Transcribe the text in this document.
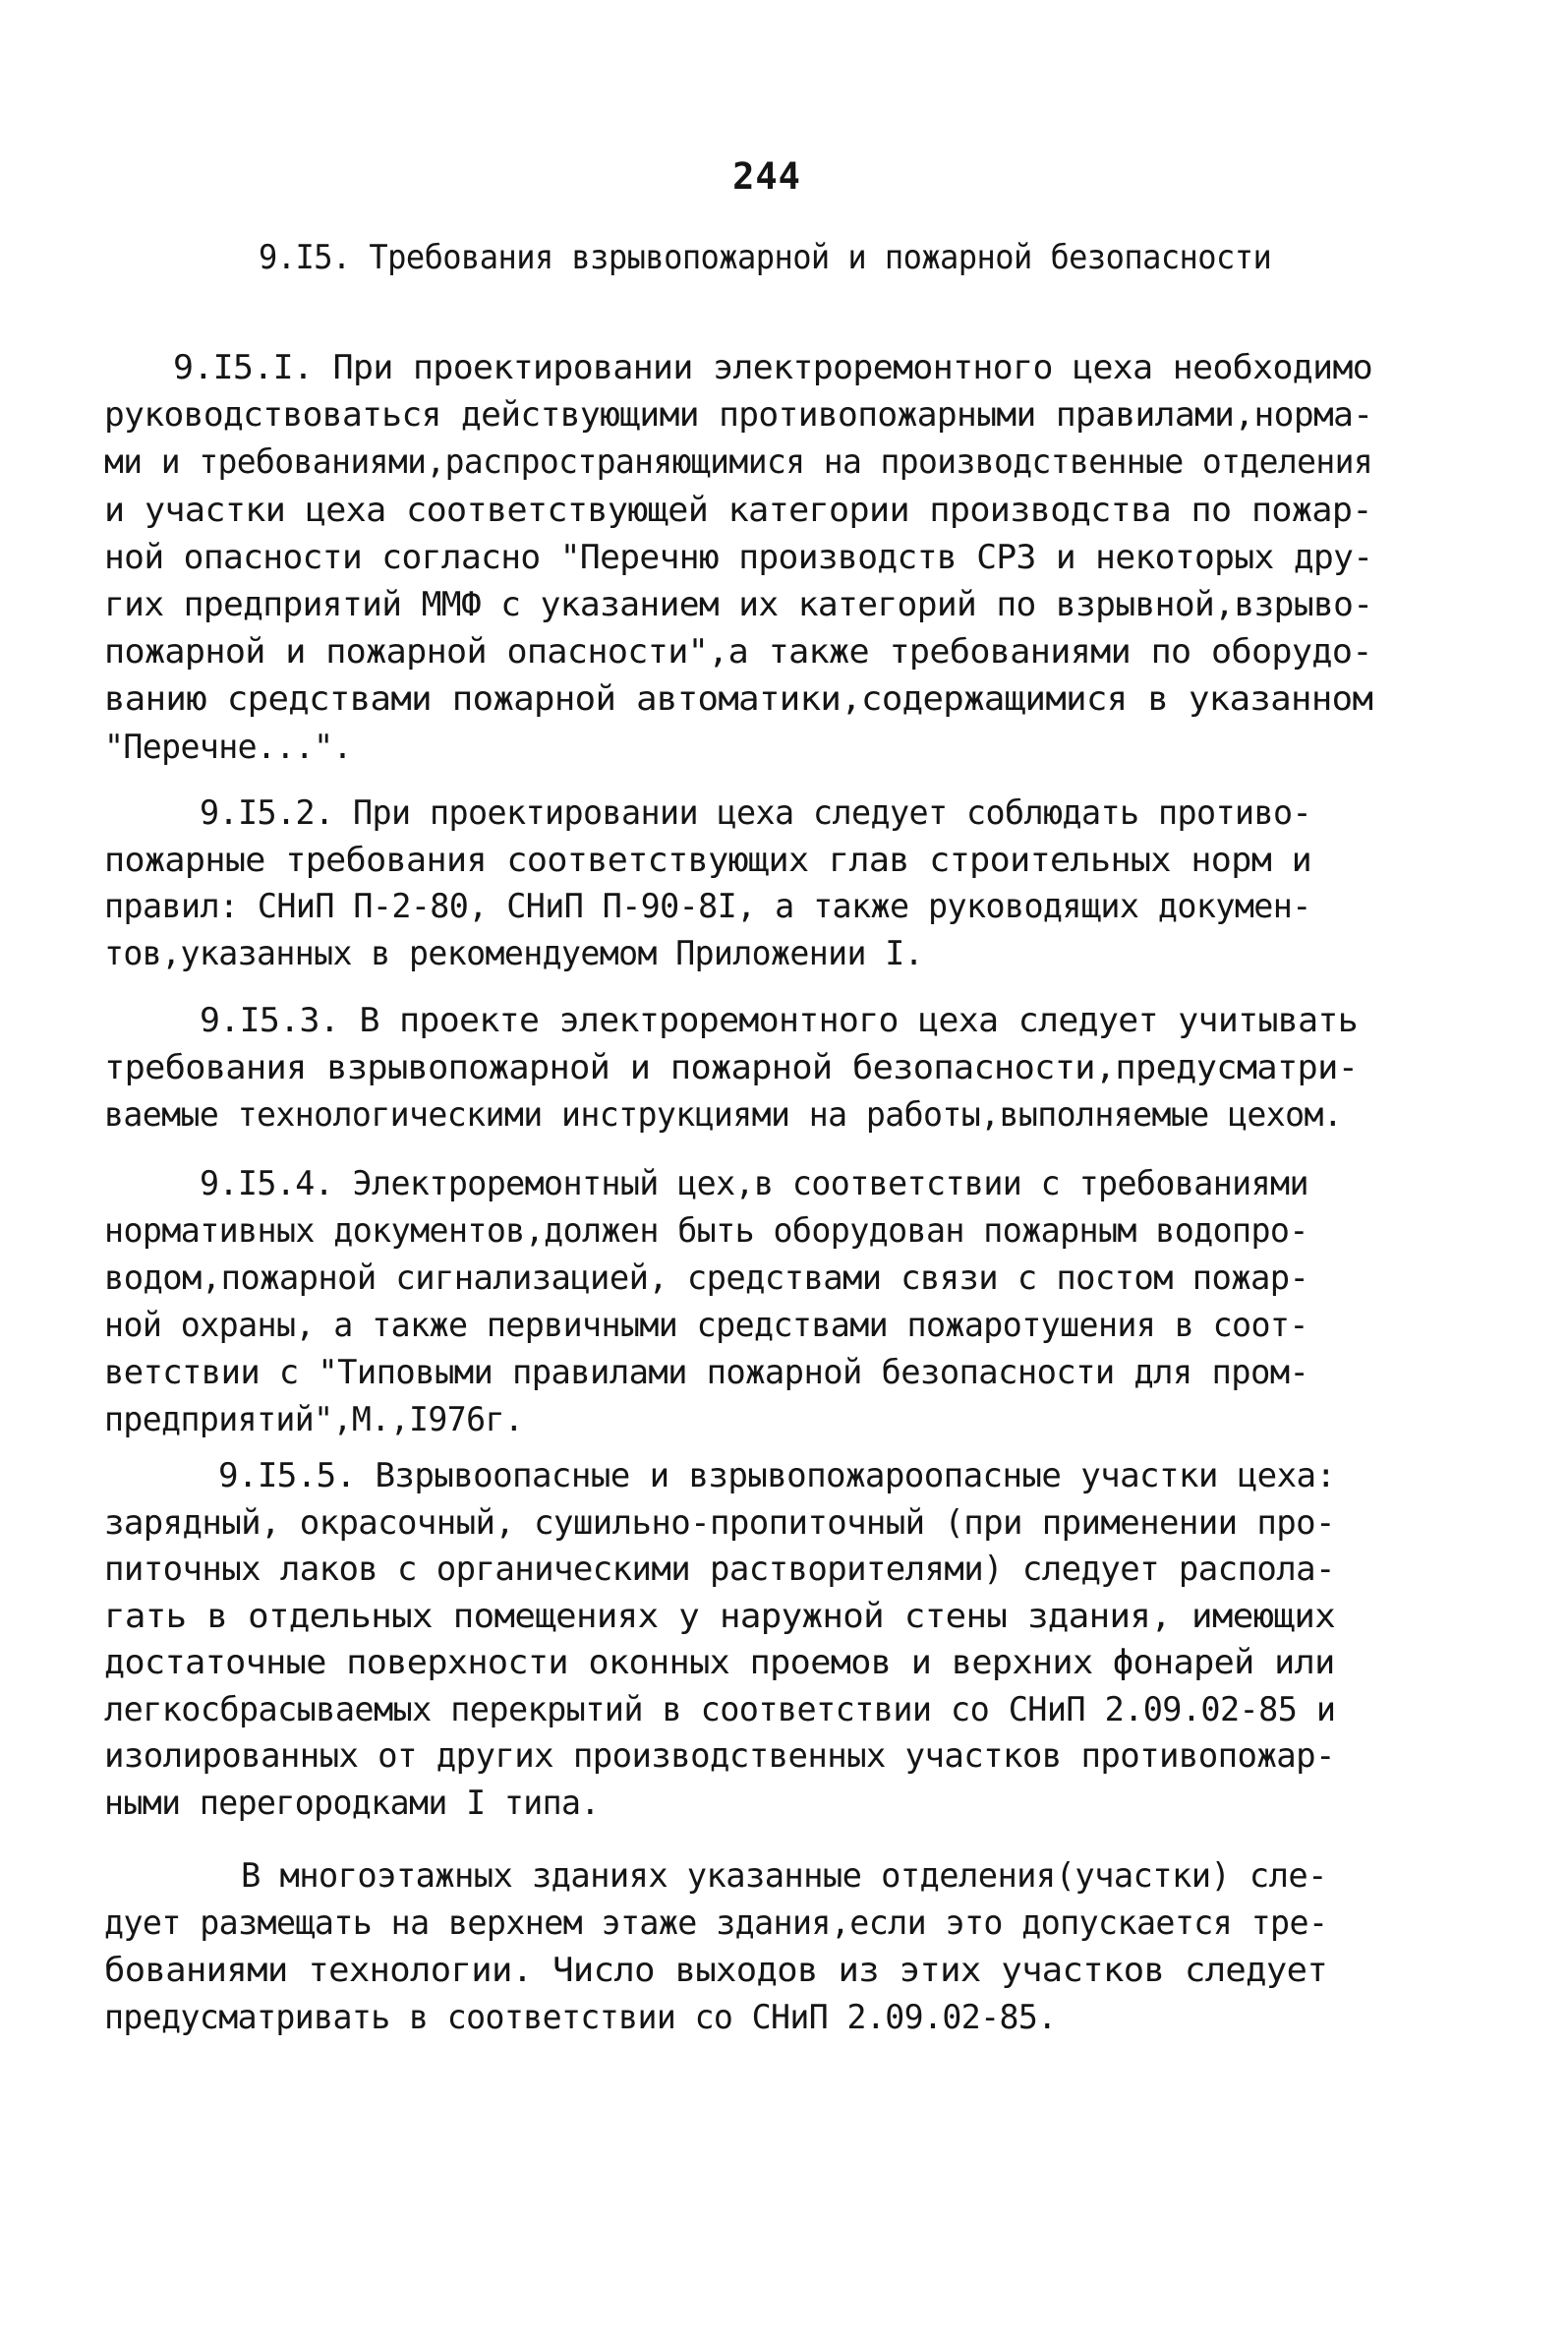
244
9.I5. Требования взрывопожарной и пожарной безопасности
9.I5.I. При проектировании электроремонтного цеха необходимо
руководствоваться действующими противопожарными правилами,норма-
ми и требованиями,распространяющимися на производственные отделения
и участки цеха соответствующей категории производства по пожар-
ной опасности согласно "Перечню производств СРЗ и некоторых дру-
гих предприятий ММФ с указанием их категорий по взрывной,взрыво-
пожарной и пожарной опасности",а также требованиями по оборудо-
ванию средствами пожарной автоматики,содержащимися в указанном
"Перечне...".
9.I5.2. При проектировании цеха следует соблюдать противо-
пожарные требования соответствующих глав строительных норм и
правил: СНиП П-2-80, СНиП П-90-8I, а также руководящих докумен-
тов,указанных в рекомендуемом Приложении I.
9.I5.3. В проекте электроремонтного цеха следует учитывать
требования взрывопожарной и пожарной безопасности,предусматри-
ваемые технологическими инструкциями на работы,выполняемые цехом.
9.I5.4. Электроремонтный цех,в соответствии с требованиями
нормативных документов,должен быть оборудован пожарным водопро-
водом,пожарной сигнализацией, средствами связи с постом пожар-
ной охраны, а также первичными средствами пожаротушения в соот-
ветствии с "Типовыми правилами пожарной безопасности для пром-
предприятий",М.,I976г.
9.I5.5. Взрывоопасные и взрывопожароопасные участки цеха:
зарядный, окрасочный, сушильно-пропиточный (при применении про-
питочных лаков с органическими растворителями) следует распола-
гать в отдельных помещениях у наружной стены здания, имеющих
достаточные поверхности оконных проемов и верхних фонарей или
легкосбрасываемых перекрытий в соответствии со СНиП 2.09.02-85 и
изолированных от других производственных участков противопожар-
ными перегородками I типа.
В многоэтажных зданиях указанные отделения(участки) сле-
дует размещать на верхнем этаже здания,если это допускается тре-
бованиями технологии. Число выходов из этих участков следует
предусматривать в соответствии со СНиП 2.09.02-85.
